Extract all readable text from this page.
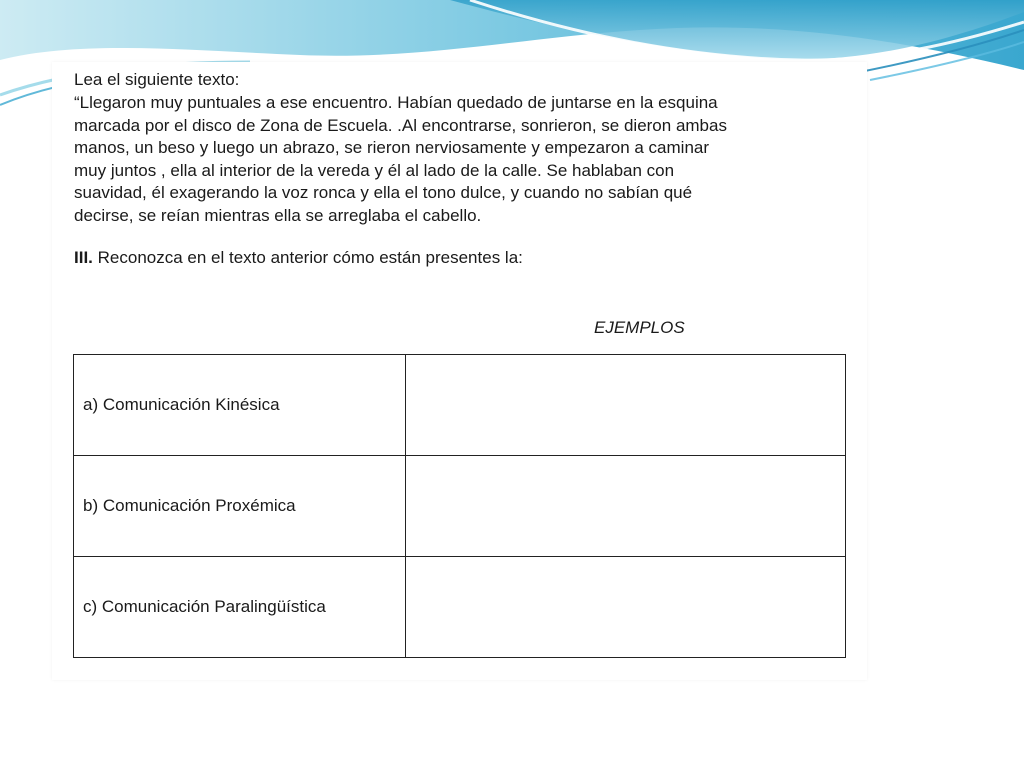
Lea el siguiente texto:
“Llegaron muy puntuales a ese encuentro. Habían quedado de juntarse en la esquina
marcada por el disco de Zona de Escuela. .Al encontrarse, sonrieron, se dieron ambas
manos, un beso y luego un abrazo, se rieron nerviosamente y empezaron a caminar
muy juntos , ella al interior de la vereda y él al lado de la calle. Se hablaban con
suavidad, él exagerando la voz ronca y ella el tono dulce, y cuando no sabían qué
decirse, se reían mientras ella se arreglaba el cabello.
III. Reconozca en el texto anterior cómo están presentes la:
EJEMPLOS
a) Comunicación Kinésica	
b) Comunicación Proxémica	
c) Comunicación Paralingüística	
